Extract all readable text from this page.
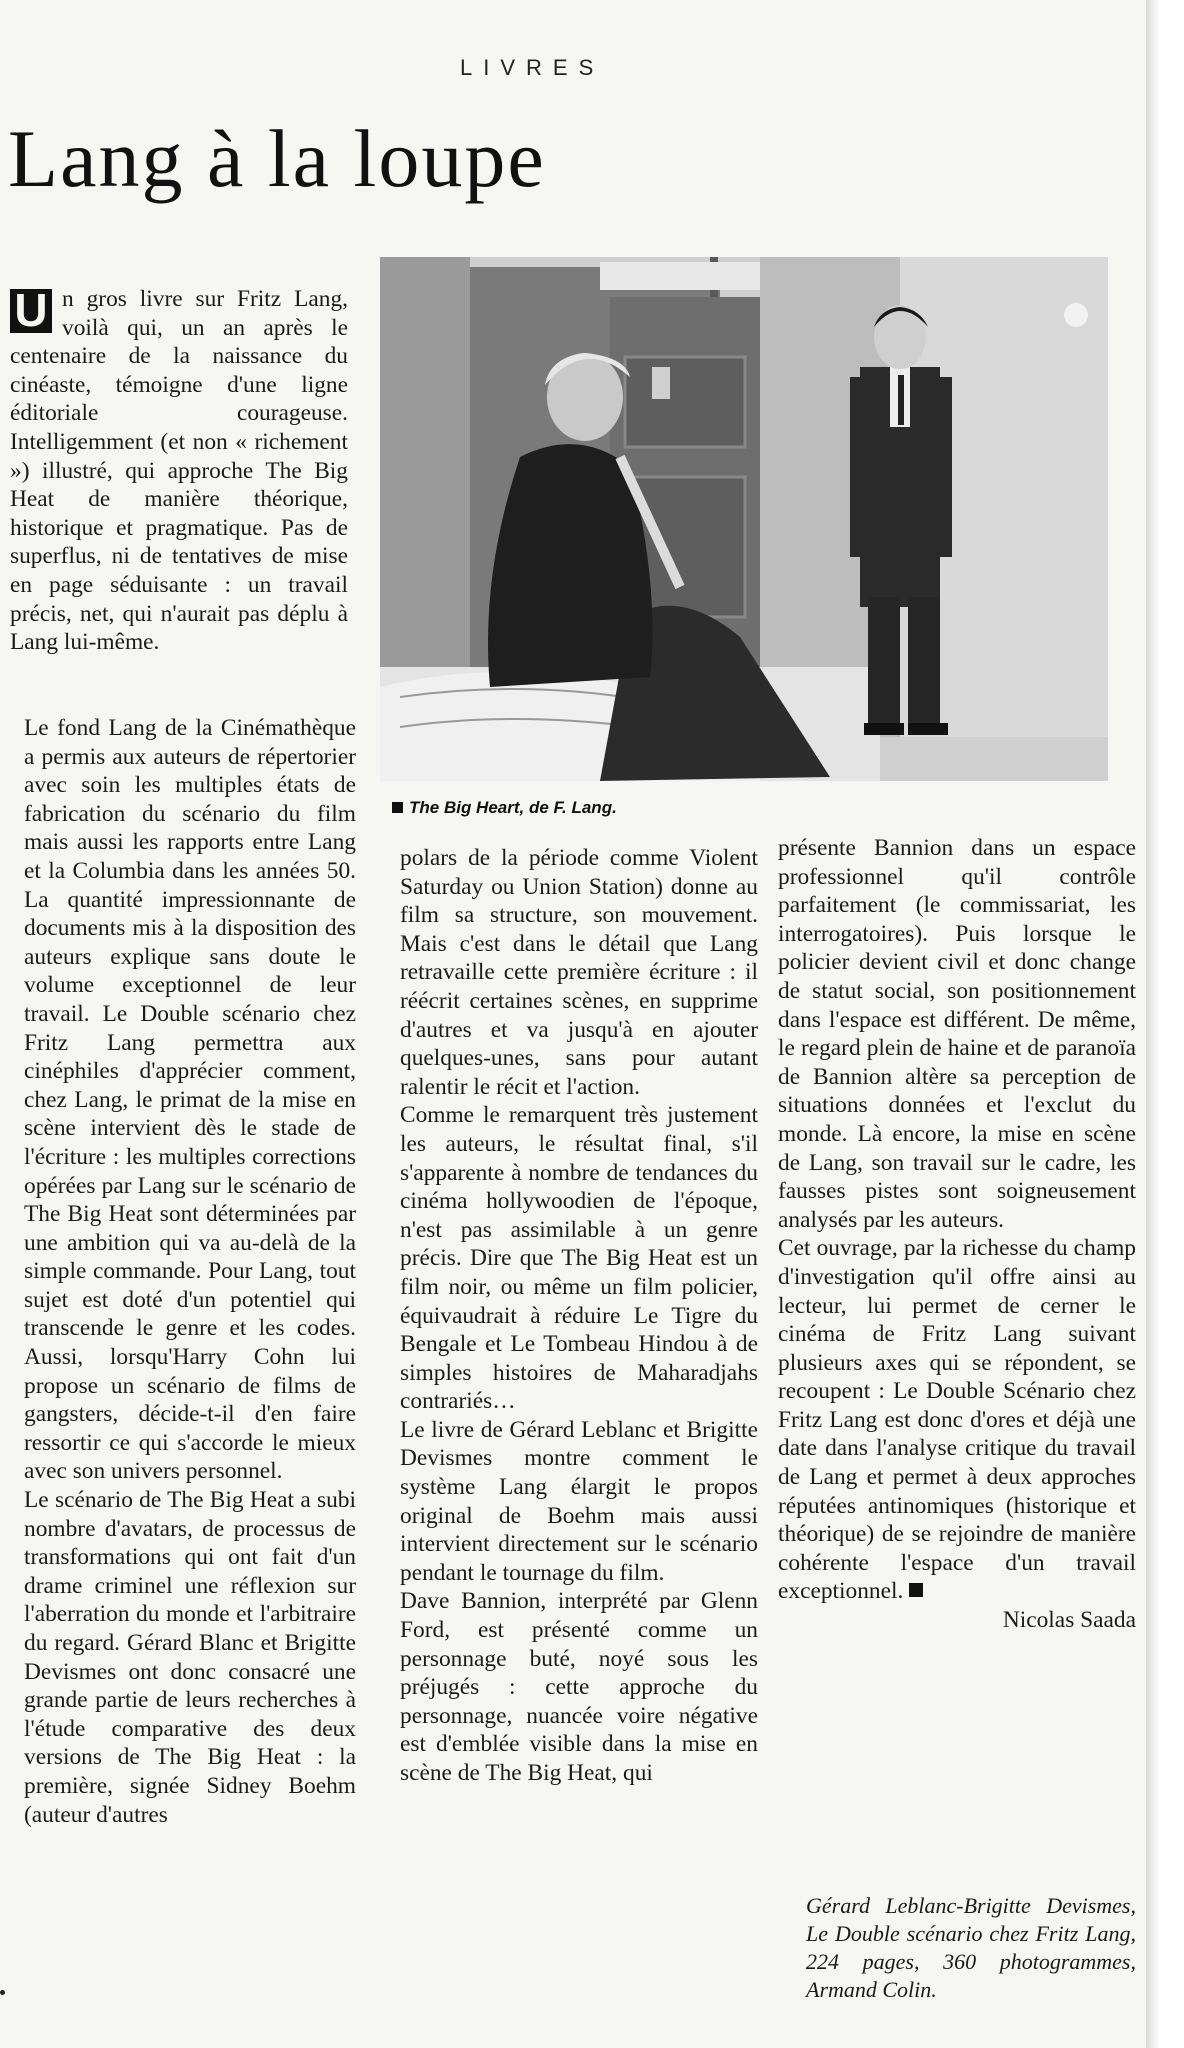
LIVRES
Lang à la loupe

The Big Heart, de F. Lang.

U n gros livre sur Fritz Lang, voilà qui, un an après le centenaire de la naissance du cinéaste, témoigne d'une ligne éditoriale courageuse. Intelligemment (et non « richement ») illustré, qui approche The Big Heat de manière théorique, historique et pragmatique. Pas de superflus, ni de tentatives de mise en page séduisante : un travail précis, net, qui n'aurait pas déplu à Lang lui-même.

Le fond Lang de la Cinémathèque a permis aux auteurs de répertorier avec soin les multiples états de fabrication du scénario du film mais aussi les rapports entre Lang et la Columbia dans les années 50. La quantité impressionnante de documents mis à la disposition des auteurs explique sans doute le volume exceptionnel de leur travail. Le Double scénario chez Fritz Lang permettra aux cinéphiles d'apprécier comment, chez Lang, le primat de la mise en scène intervient dès le stade de l'écriture : les multiples corrections opérées par Lang sur le scénario de The Big Heat sont déterminées par une ambition qui va au-delà de la simple commande. Pour Lang, tout sujet est doté d'un potentiel qui transcende le genre et les codes. Aussi, lorsqu'Harry Cohn lui propose un scénario de films de gangsters, décide-t-il d'en faire ressortir ce qui s'accorde le mieux avec son univers personnel.

Le scénario de The Big Heat a subi nombre d'avatars, de processus de transformations qui ont fait d'un drame criminel une réflexion sur l'aberration du monde et l'arbitraire du regard. Gérard Blanc et Brigitte Devismes ont donc consacré une grande partie de leurs recherches à l'étude comparative des deux versions de The Big Heat : la première, signée Sidney Boehm (auteur d'autres

polars de la période comme Violent Saturday ou Union Station) donne au film sa structure, son mouvement. Mais c'est dans le détail que Lang retravaille cette première écriture : il réécrit certaines scènes, en supprime d'autres et va jusqu'à en ajouter quelques-unes, sans pour autant ralentir le récit et l'action.

Comme le remarquent très justement les auteurs, le résultat final, s'il s'apparente à nombre de tendances du cinéma hollywoodien de l'époque, n'est pas assimilable à un genre précis. Dire que The Big Heat est un film noir, ou même un film policier, équivaudrait à réduire Le Tigre du Bengale et Le Tombeau Hindou à de simples histoires de Maharadjahs contrariés…

Le livre de Gérard Leblanc et Brigitte Devismes montre comment le système Lang élargit le propos original de Boehm mais aussi intervient directement sur le scénario pendant le tournage du film.

Dave Bannion, interprété par Glenn Ford, est présenté comme un personnage buté, noyé sous les préjugés : cette approche du personnage, nuancée voire négative est d'emblée visible dans la mise en scène de The Big Heat, qui

présente Bannion dans un espace professionnel qu'il contrôle parfaitement (le commissariat, les interrogatoires). Puis lorsque le policier devient civil et donc change de statut social, son positionnement dans l'espace est différent. De même, le regard plein de haine et de paranoïa de Bannion altère sa perception de situations données et l'exclut du monde. Là encore, la mise en scène de Lang, son travail sur le cadre, les fausses pistes sont soigneusement analysés par les auteurs.

Cet ouvrage, par la richesse du champ d'investigation qu'il offre ainsi au lecteur, lui permet de cerner le cinéma de Fritz Lang suivant plusieurs axes qui se répondent, se recoupent : Le Double Scénario chez Fritz Lang est donc d'ores et déjà une date dans l'analyse critique du travail de Lang et permet à deux approches réputées antinomiques (historique et théorique) de se rejoindre de manière cohérente l'espace d'un travail exceptionnel.

Nicolas Saada

Gérard Leblanc-Brigitte Devismes, Le Double scénario chez Fritz Lang, 224 pages, 360 photogrammes, Armand Colin.
